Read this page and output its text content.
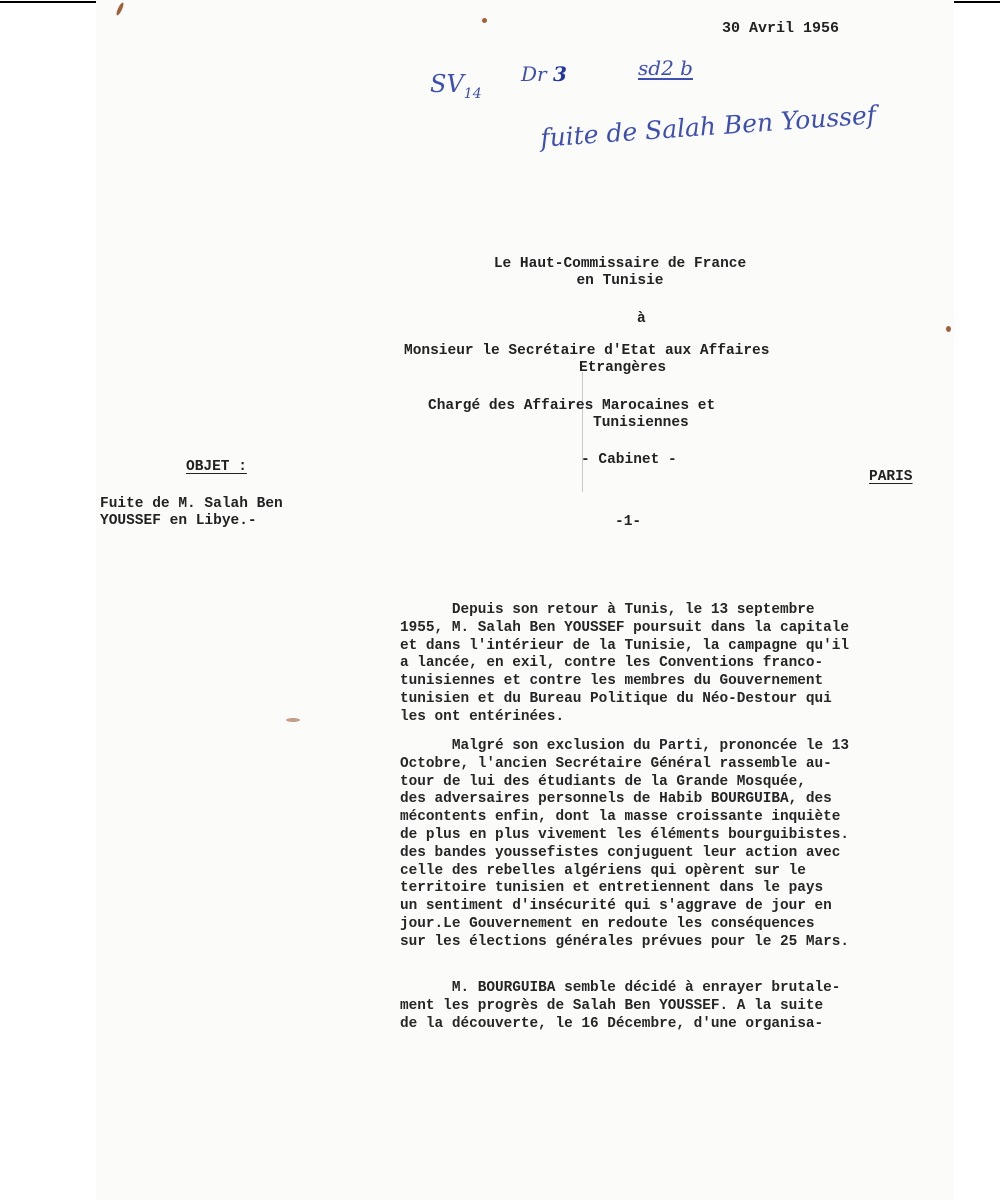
30 Avril 1956

$SV_{14}$
Dr 3	sd2 b
fuite de Salah Ben Youssef

Le Haut-Commissaire de France

en Tunisie

à

Monsieur le Secrétaire d'Etat aux Affaires

Etrangères

Chargé des Affaires Marocaines et

Tunisiennes

- Cabinet -

PARIS

OBJET :

Fuite de M. Salah Ben

YOUSSEF en Libye.-	-1-

Depuis son retour à Tunis, le 13 septembre
1955, M. Salah Ben YOUSSEF poursuit dans la capitale
et dans l'intérieur de la Tunisie, la campagne qu'il
a lancée, en exil, contre les Conventions franco-
tunisiennes et contre les membres du Gouvernement
tunisien et du Bureau Politique du Néo-Destour qui
les ont entérinées.

Malgré son exclusion du Parti, prononcée le 13
Octobre, l'ancien Secrétaire Général rassemble au-
tour de lui des étudiants de la Grande Mosquée,
des adversaires personnels de Habib BOURGUIBA, des
mécontents enfin, dont la masse croissante inquiète
de plus en plus vivement les éléments bourguibistes.
des bandes youssefistes conjuguent leur action avec
celle des rebelles algériens qui opèrent sur le
territoire tunisien et entretiennent dans le pays
un sentiment d'insécurité qui s'aggrave de jour en
jour.Le Gouvernement en redoute les conséquences
sur les élections générales prévues pour le 25 Mars.

M. BOURGUIBA semble décidé à enrayer brutale-
ment les progrès de Salah Ben YOUSSEF. A la suite
de la découverte, le 16 Décembre, d'une organisa-
